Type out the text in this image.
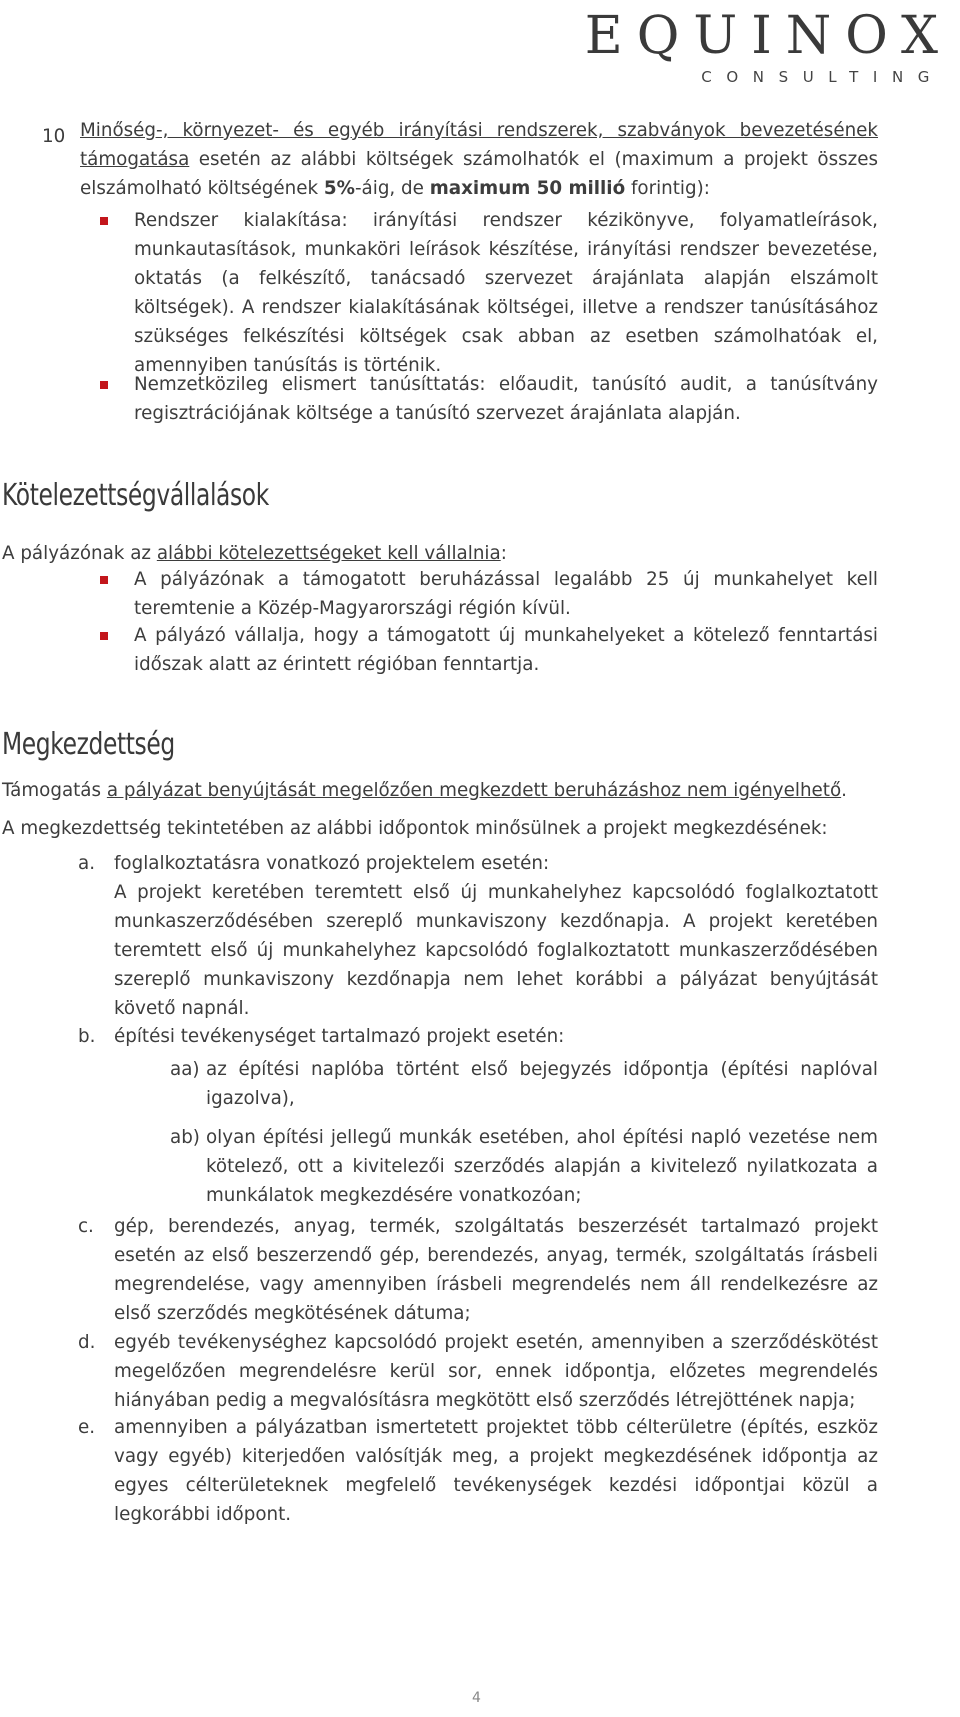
EQUINOX
CONSULTING
10 Minőség-, környezet- és egyéb irányítási rendszerek, szabványok bevezetésének támogatása esetén az alábbi költségek számolhatók el (maximum a projekt összes elszámolható költségének 5%-áig, de maximum 50 millió forintig):
Rendszer kialakítása: irányítási rendszer kézikönyve, folyamatleírások, munkautasítások, munkaköri leírások készítése, irányítási rendszer bevezetése, oktatás (a felkészítő, tanácsadó szervezet árajánlata alapján elszámolt költségek). A rendszer kialakításának költségei, illetve a rendszer tanúsításához szükséges felkészítési költségek csak abban az esetben számolhatóak el, amennyiben tanúsítás is történik.
Nemzetközileg elismert tanúsíttatás: előaudit, tanúsító audit, a tanúsítvány regisztrációjának költsége a tanúsító szervezet árajánlata alapján.
Kötelezettségvállalások
A pályázónak az alábbi kötelezettségeket kell vállalnia:
A pályázónak a támogatott beruházással legalább 25 új munkahelyet kell teremtenie a Közép-Magyarországi régión kívül.
A pályázó vállalja, hogy a támogatott új munkahelyeket a kötelező fenntartási időszak alatt az érintett régióban fenntartja.
Megkezdettség
Támogatás a pályázat benyújtását megelőzően megkezdett beruházáshoz nem igényelhető.
A megkezdettség tekintetében az alábbi időpontok minősülnek a projekt megkezdésének:
a. foglalkoztatásra vonatkozó projektelem esetén:
A projekt keretében teremtett első új munkahelyhez kapcsolódó foglalkoztatott munkaszerződésében szereplő munkaviszony kezdőnapja. A projekt keretében teremtett első új munkahelyhez kapcsolódó foglalkoztatott munkaszerződésében szereplő munkaviszony kezdőnapja nem lehet korábbi a pályázat benyújtását követő napnál.
b. építési tevékenységet tartalmazó projekt esetén:
aa) az építési naplóba történt első bejegyzés időpontja (építési naplóval igazolva),
ab) olyan építési jellegű munkák esetében, ahol építési napló vezetése nem kötelező, ott a kivitelezői szerződés alapján a kivitelező nyilatkozata a munkálatok megkezdésére vonatkozóan;
c. gép, berendezés, anyag, termék, szolgáltatás beszerzését tartalmazó projekt esetén az első beszerzendő gép, berendezés, anyag, termék, szolgáltatás írásbeli megrendelése, vagy amennyiben írásbeli megrendelés nem áll rendelkezésre az első szerződés megkötésének dátuma;
d. egyéb tevékenységhez kapcsolódó projekt esetén, amennyiben a szerződéskötést megelőzően megrendelésre kerül sor, ennek időpontja, előzetes megrendelés hiányában pedig a megvalósításra megkötött első szerződés létrejöttének napja;
e. amennyiben a pályázatban ismertetett projektet több célterületre (építés, eszköz vagy egyéb) kiterjedően valósítják meg, a projekt megkezdésének időpontja az egyes célterületeknek megfelelő tevékenységek kezdési időpontjai közül a legkorábbi időpont.
4
